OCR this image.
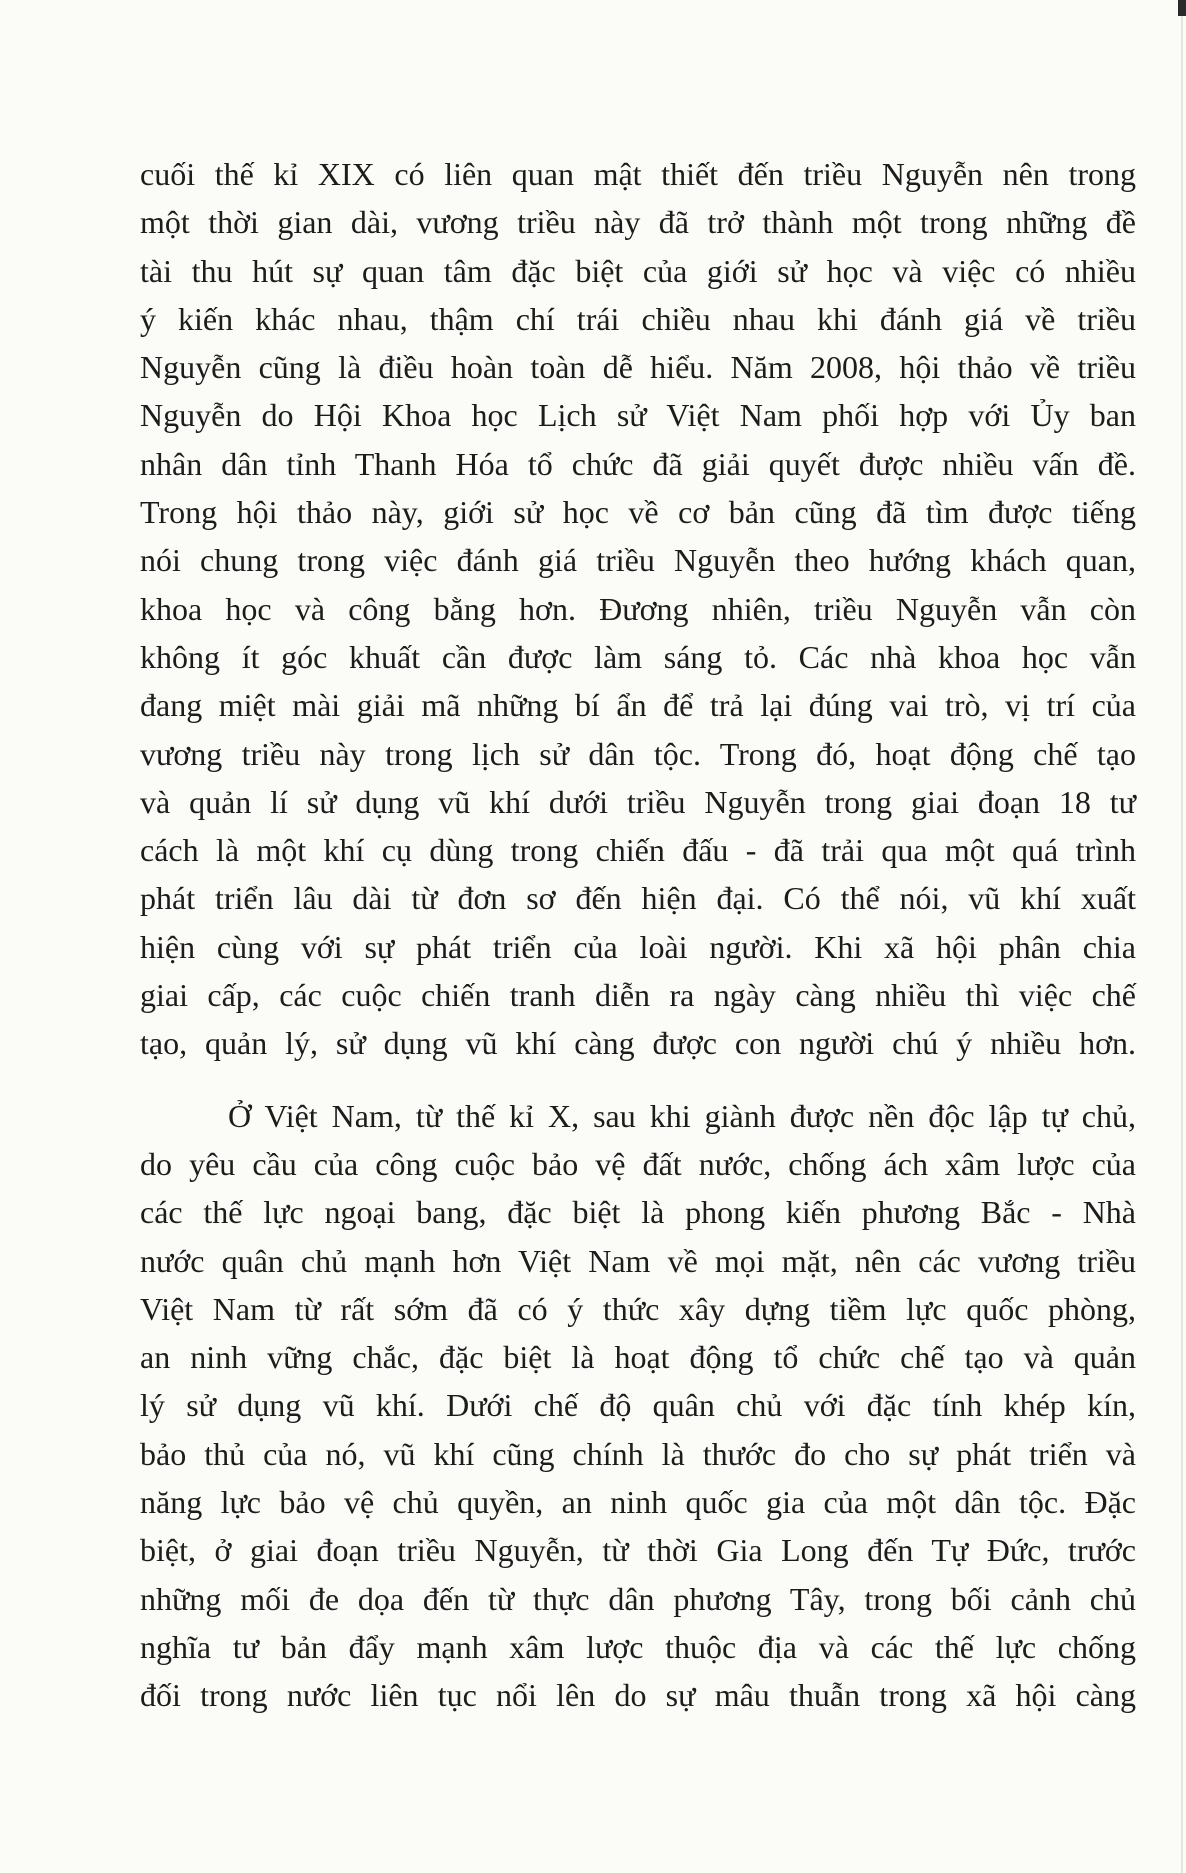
cuối thế kỉ XIX có liên quan mật thiết đến triều Nguyễn nên trong
một thời gian dài, vương triều này đã trở thành một trong những đề
tài thu hút sự quan tâm đặc biệt của giới sử học và việc có nhiều
ý kiến khác nhau, thậm chí trái chiều nhau khi đánh giá về triều
Nguyễn cũng là điều hoàn toàn dễ hiểu. Năm 2008, hội thảo về triều
Nguyễn do Hội Khoa học Lịch sử Việt Nam phối hợp với Ủy ban
nhân dân tỉnh Thanh Hóa tổ chức đã giải quyết được nhiều vấn đề.
Trong hội thảo này, giới sử học về cơ bản cũng đã tìm được tiếng
nói chung trong việc đánh giá triều Nguyễn theo hướng khách quan,
khoa học và công bằng hơn. Đương nhiên, triều Nguyễn vẫn còn
không ít góc khuất cần được làm sáng tỏ. Các nhà khoa học vẫn
đang miệt mài giải mã những bí ẩn để trả lại đúng vai trò, vị trí của
vương triều này trong lịch sử dân tộc. Trong đó, hoạt động chế tạo
và quản lí sử dụng vũ khí dưới triều Nguyễn trong giai đoạn 18 tư
cách là một khí cụ dùng trong chiến đấu - đã trải qua một quá trình
phát triển lâu dài từ đơn sơ đến hiện đại. Có thể nói, vũ khí xuất
hiện cùng với sự phát triển của loài người. Khi xã hội phân chia
giai cấp, các cuộc chiến tranh diễn ra ngày càng nhiều thì việc chế
tạo, quản lý, sử dụng vũ khí càng được con người chú ý nhiều hơn.
Ở Việt Nam, từ thế kỉ X, sau khi giành được nền độc lập tự chủ,
do yêu cầu của công cuộc bảo vệ đất nước, chống ách xâm lược của
các thế lực ngoại bang, đặc biệt là phong kiến phương Bắc - Nhà
nước quân chủ mạnh hơn Việt Nam về mọi mặt, nên các vương triều
Việt Nam từ rất sớm đã có ý thức xây dựng tiềm lực quốc phòng,
an ninh vững chắc, đặc biệt là hoạt động tổ chức chế tạo và quản
lý sử dụng vũ khí. Dưới chế độ quân chủ với đặc tính khép kín,
bảo thủ của nó, vũ khí cũng chính là thước đo cho sự phát triển và
năng lực bảo vệ chủ quyền, an ninh quốc gia của một dân tộc. Đặc
biệt, ở giai đoạn triều Nguyễn, từ thời Gia Long đến Tự Đức, trước
những mối đe dọa đến từ thực dân phương Tây, trong bối cảnh chủ
nghĩa tư bản đẩy mạnh xâm lược thuộc địa và các thế lực chống
đối trong nước liên tục nổi lên do sự mâu thuẫn trong xã hội càng
